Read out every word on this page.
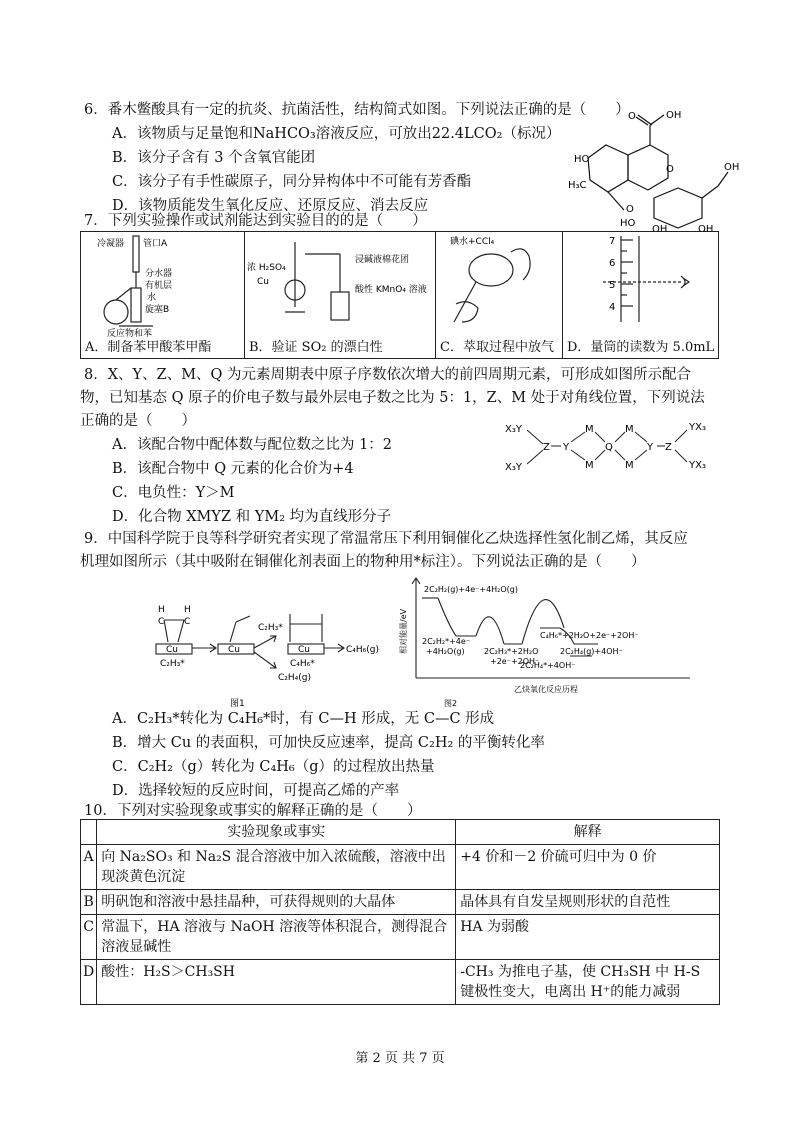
6．番木鳖酸具有一定的抗炎、抗菌活性，结构简式如图。下列说法正确的是（　　）
A．该物质与足量饱和NaHCO₃溶液反应，可放出22.4LCO₂（标况）
B．该分子含有 3 个含氧官能团
C．该分子有手性碳原子，同分异构体中不可能有芳香酯
D．该物质能发生氧化反应、还原反应、消去反应
OH
O
O
HO
H₃C
O
OH
HO
OH	OH
7．下列实验操作或试剂能达到实验目的的是（　　）
冷凝器 管口A
分水器
有机层
水
旋塞B
反应物和苯
A．制备苯甲酸苯甲酯

浓 H₂SO₄
Cu
浸碱液棉花团
酸性 KMnO₄ 溶液
B．验证 SO₂ 的漂白性

碘水+CCl₄
C．萃取过程中放气

7
6
5
4
D．量筒的读数为 5.0mL
8．X、Y、Z、M、Q 为元素周期表中原子序数依次增大的前四周期元素，可形成如图所示配合
物，已知基态 Q 原子的价电子数与最外层电子数之比为 5：1，Z、M 处于对角线位置，下列说法
正确的是（　　）
A．该配合物中配体数与配位数之比为 1：2
B．该配合物中 Q 元素的化合价为+4
C．电负性：Y＞M
D．化合物 XMYZ 和 YM₂ 均为直线形分子
X₃Y
X₃Y
Z Y
M
M
Q
M
M
Y Z
YX₃
YX₃
9．中国科学院于良等科学研究者实现了常温常压下利用铜催化乙炔选择性氢化制乙烯，其反应
机理如图所示（其中吸附在铜催化剂表面上的物种用*标注）。下列说法正确的是（　　）
Cu	Cu	Cu
H H
C C
C₂H₃*
C₂H₃*
C₄H₆*
C₄H₆(g)
C₂H₄(g)
图1
相对能量/eV
2C₂H₂(g)+4e⁻+4H₂O(g)
2C₂H₂*+4e⁻
+4H₂O(g) 2C₂H₃*+2H₂O
+2e⁻+2OH⁻
C₄H₆*+2H₂O+2e⁻+2OH⁻
2C₂H₄(g)+4OH⁻
2C₂H₄*+4OH⁻
乙炔氧化反应历程
图2
A．C₂H₃*转化为 C₄H₆*时，有 C—H 形成，无 C—C 形成
B．增大 Cu 的表面积，可加快反应速率，提高 C₂H₂ 的平衡转化率
C．C₂H₂（g）转化为 C₄H₆（g）的过程放出热量
D．选择较短的反应时间，可提高乙烯的产率
10．下列对实验现象或事实的解释正确的是（　　）
	实验现象或事实	解释
A	向 Na₂SO₃ 和 Na₂S 混合溶液中加入浓硫酸，溶液中出现淡黄色沉淀	+4 价和－2 价硫可归中为 0 价
B	明矾饱和溶液中悬挂晶种，可获得规则的大晶体	晶体具有自发呈规则形状的自范性
C	常温下，HA 溶液与 NaOH 溶液等体积混合，测得混合溶液显碱性	HA 为弱酸
D	酸性：H₂S＞CH₃SH	-CH₃ 为推电子基，使 CH₃SH 中 H-S 键极性变大，电离出 H⁺的能力减弱
第 2 页 共 7 页
